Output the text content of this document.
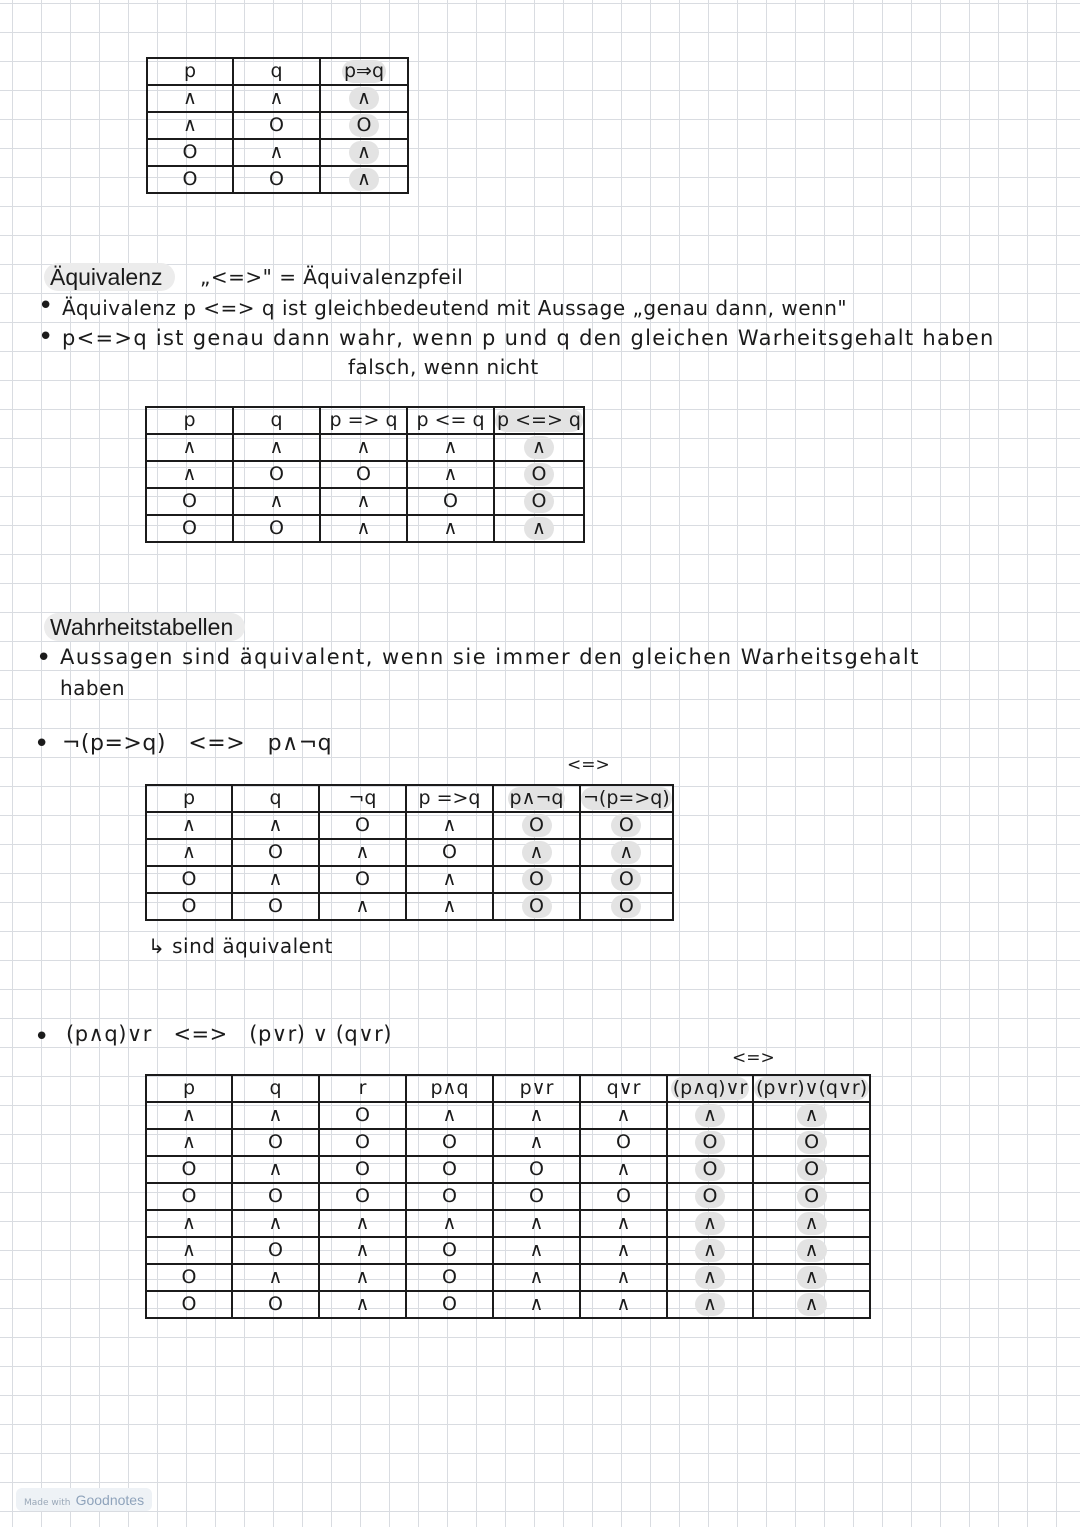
p	q	p⇒q
∧	∧	∧
∧	O	O
O	∧	∧
O	O	∧
Äquivalenz	„<=>" = Äquivalenzpfeil
• Äquivalenz p <=> q ist gleichbedeutend mit Aussage „genau dann, wenn"
• p<=>q ist genau dann wahr, wenn p und q den gleichen Warheitsgehalt haben
falsch, wenn nicht
p	q	p => q	p <= q	p <=> q
∧	∧	∧	∧	∧
∧	O	O	∧	O
O	∧	∧	O	O
O	O	∧	∧	∧
Wahrheitstabellen
• Aussagen sind äquivalent, wenn sie immer den gleichen Warheitsgehalt
haben
• ¬(p=>q)   <=>   p∧¬q
<=>
p	q	¬q	p =>q	p∧¬q	¬(p=>q)
∧	∧	O	∧	O	O
∧	O	∧	O	∧	∧
O	∧	O	∧	O	O
O	O	∧	∧	O	O
↳ sind äquivalent
• (p∧q)∨r   <=>   (p∨r) ∨ (q∨r)
<=>
p	q	r	p∧q	p∨r	q∨r	(p∧q)∨r	(p∨r)∨(q∨r)
∧	∧	O	∧	∧	∧	∧	∧
∧	O	O	O	∧	O	O	O
O	∧	O	O	O	∧	O	O
O	O	O	O	O	O	O	O
∧	∧	∧	∧	∧	∧	∧	∧
∧	O	∧	O	∧	∧	∧	∧
O	∧	∧	O	∧	∧	∧	∧
O	O	∧	O	∧	∧	∧	∧
Made with Goodnotes
